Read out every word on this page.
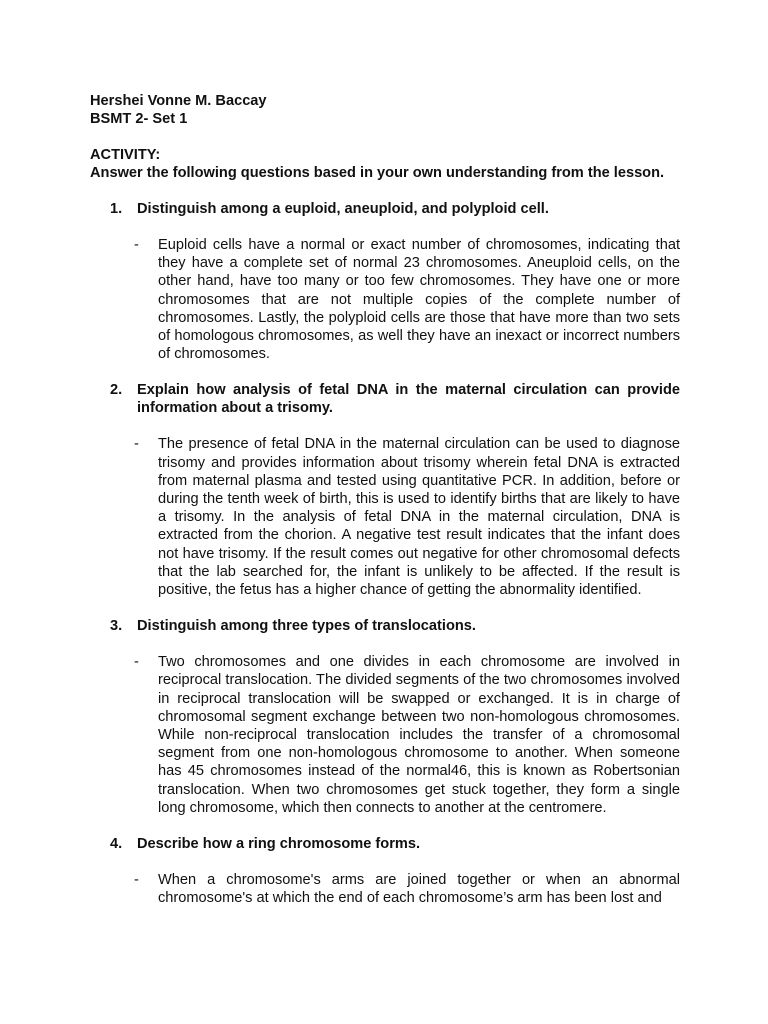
Hershei Vonne M. Baccay

BSMT 2- Set 1

ACTIVITY:

Answer the following questions based in your own understanding from the lesson.

1.	Distinguish among a euploid, aneuploid, and polyploid cell.
-	Euploid cells have a normal or exact number of chromosomes, indicating that they have a complete set of normal 23 chromosomes. Aneuploid cells, on the other hand, have too many or too few chromosomes. They have one or more chromosomes that are not multiple copies of the complete number of chromosomes. Lastly, the polyploid cells are those that have more than two sets of homologous chromosomes, as well they have an inexact or incorrect numbers of chromosomes.
2.	Explain how analysis of fetal DNA in the maternal circulation can provide information about a trisomy.
-	The presence of fetal DNA in the maternal circulation can be used to diagnose trisomy and provides information about trisomy wherein fetal DNA is extracted from maternal plasma and tested using quantitative PCR. In addition, before or during the tenth week of birth, this is used to identify births that are likely to have a trisomy. In the analysis of fetal DNA in the maternal circulation, DNA is extracted from the chorion. A negative test result indicates that the infant does not have trisomy. If the result comes out negative for other chromosomal defects that the lab searched for, the infant is unlikely to be affected. If the result is positive, the fetus has a higher chance of getting the abnormality identified.
3.	Distinguish among three types of translocations.
-	Two chromosomes and one divides in each chromosome are involved in reciprocal translocation. The divided segments of the two chromosomes involved in reciprocal translocation will be swapped or exchanged. It is in charge of chromosomal segment exchange between two non-homologous chromosomes. While non-reciprocal translocation includes the transfer of a chromosomal segment from one non-homologous chromosome to another. When someone has 45 chromosomes instead of the normal46, this is known as Robertsonian translocation. When two chromosomes get stuck together, they form a single long chromosome, which then connects to another at the centromere.
4.	Describe how a ring chromosome forms.
-	When a chromosome's arms are joined together or when an abnormal chromosome's at which the end of each chromosome’s arm has been lost and
